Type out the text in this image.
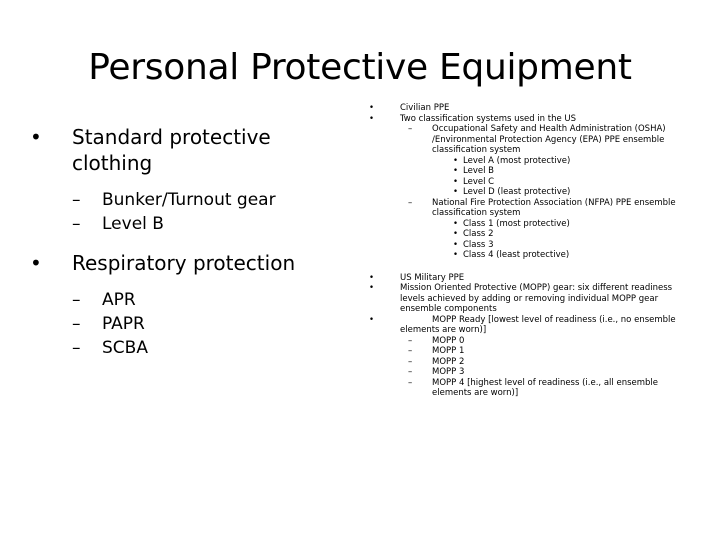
Personal Protective Equipment
•	Standard protective clothing
– Bunker/Turnout gear
– Level B
•	Respiratory protection
– APR
– PAPR
– SCBA
•	Civilian PPE
•	Two classification systems used in the US
– Occupational Safety and Health Administration (OSHA) /Environmental Protection Agency (EPA) PPE ensemble classification system
• Level A (most protective)
• Level B
• Level C
• Level D (least protective)
– National Fire Protection Association (NFPA) PPE ensemble classification system
• Class 1 (most protective)
• Class 2
• Class 3
• Class 4 (least protective)
•	US Military PPE
•	Mission Oriented Protective (MOPP) gear: six different readiness levels achieved by adding or removing individual MOPP gear ensemble components
•	MOPP Ready [lowest level of readiness (i.e., no ensemble elements are worn)]
– MOPP 0
– MOPP 1
– MOPP 2
– MOPP 3
– MOPP 4 [highest level of readiness (i.e., all ensemble elements are worn)]
